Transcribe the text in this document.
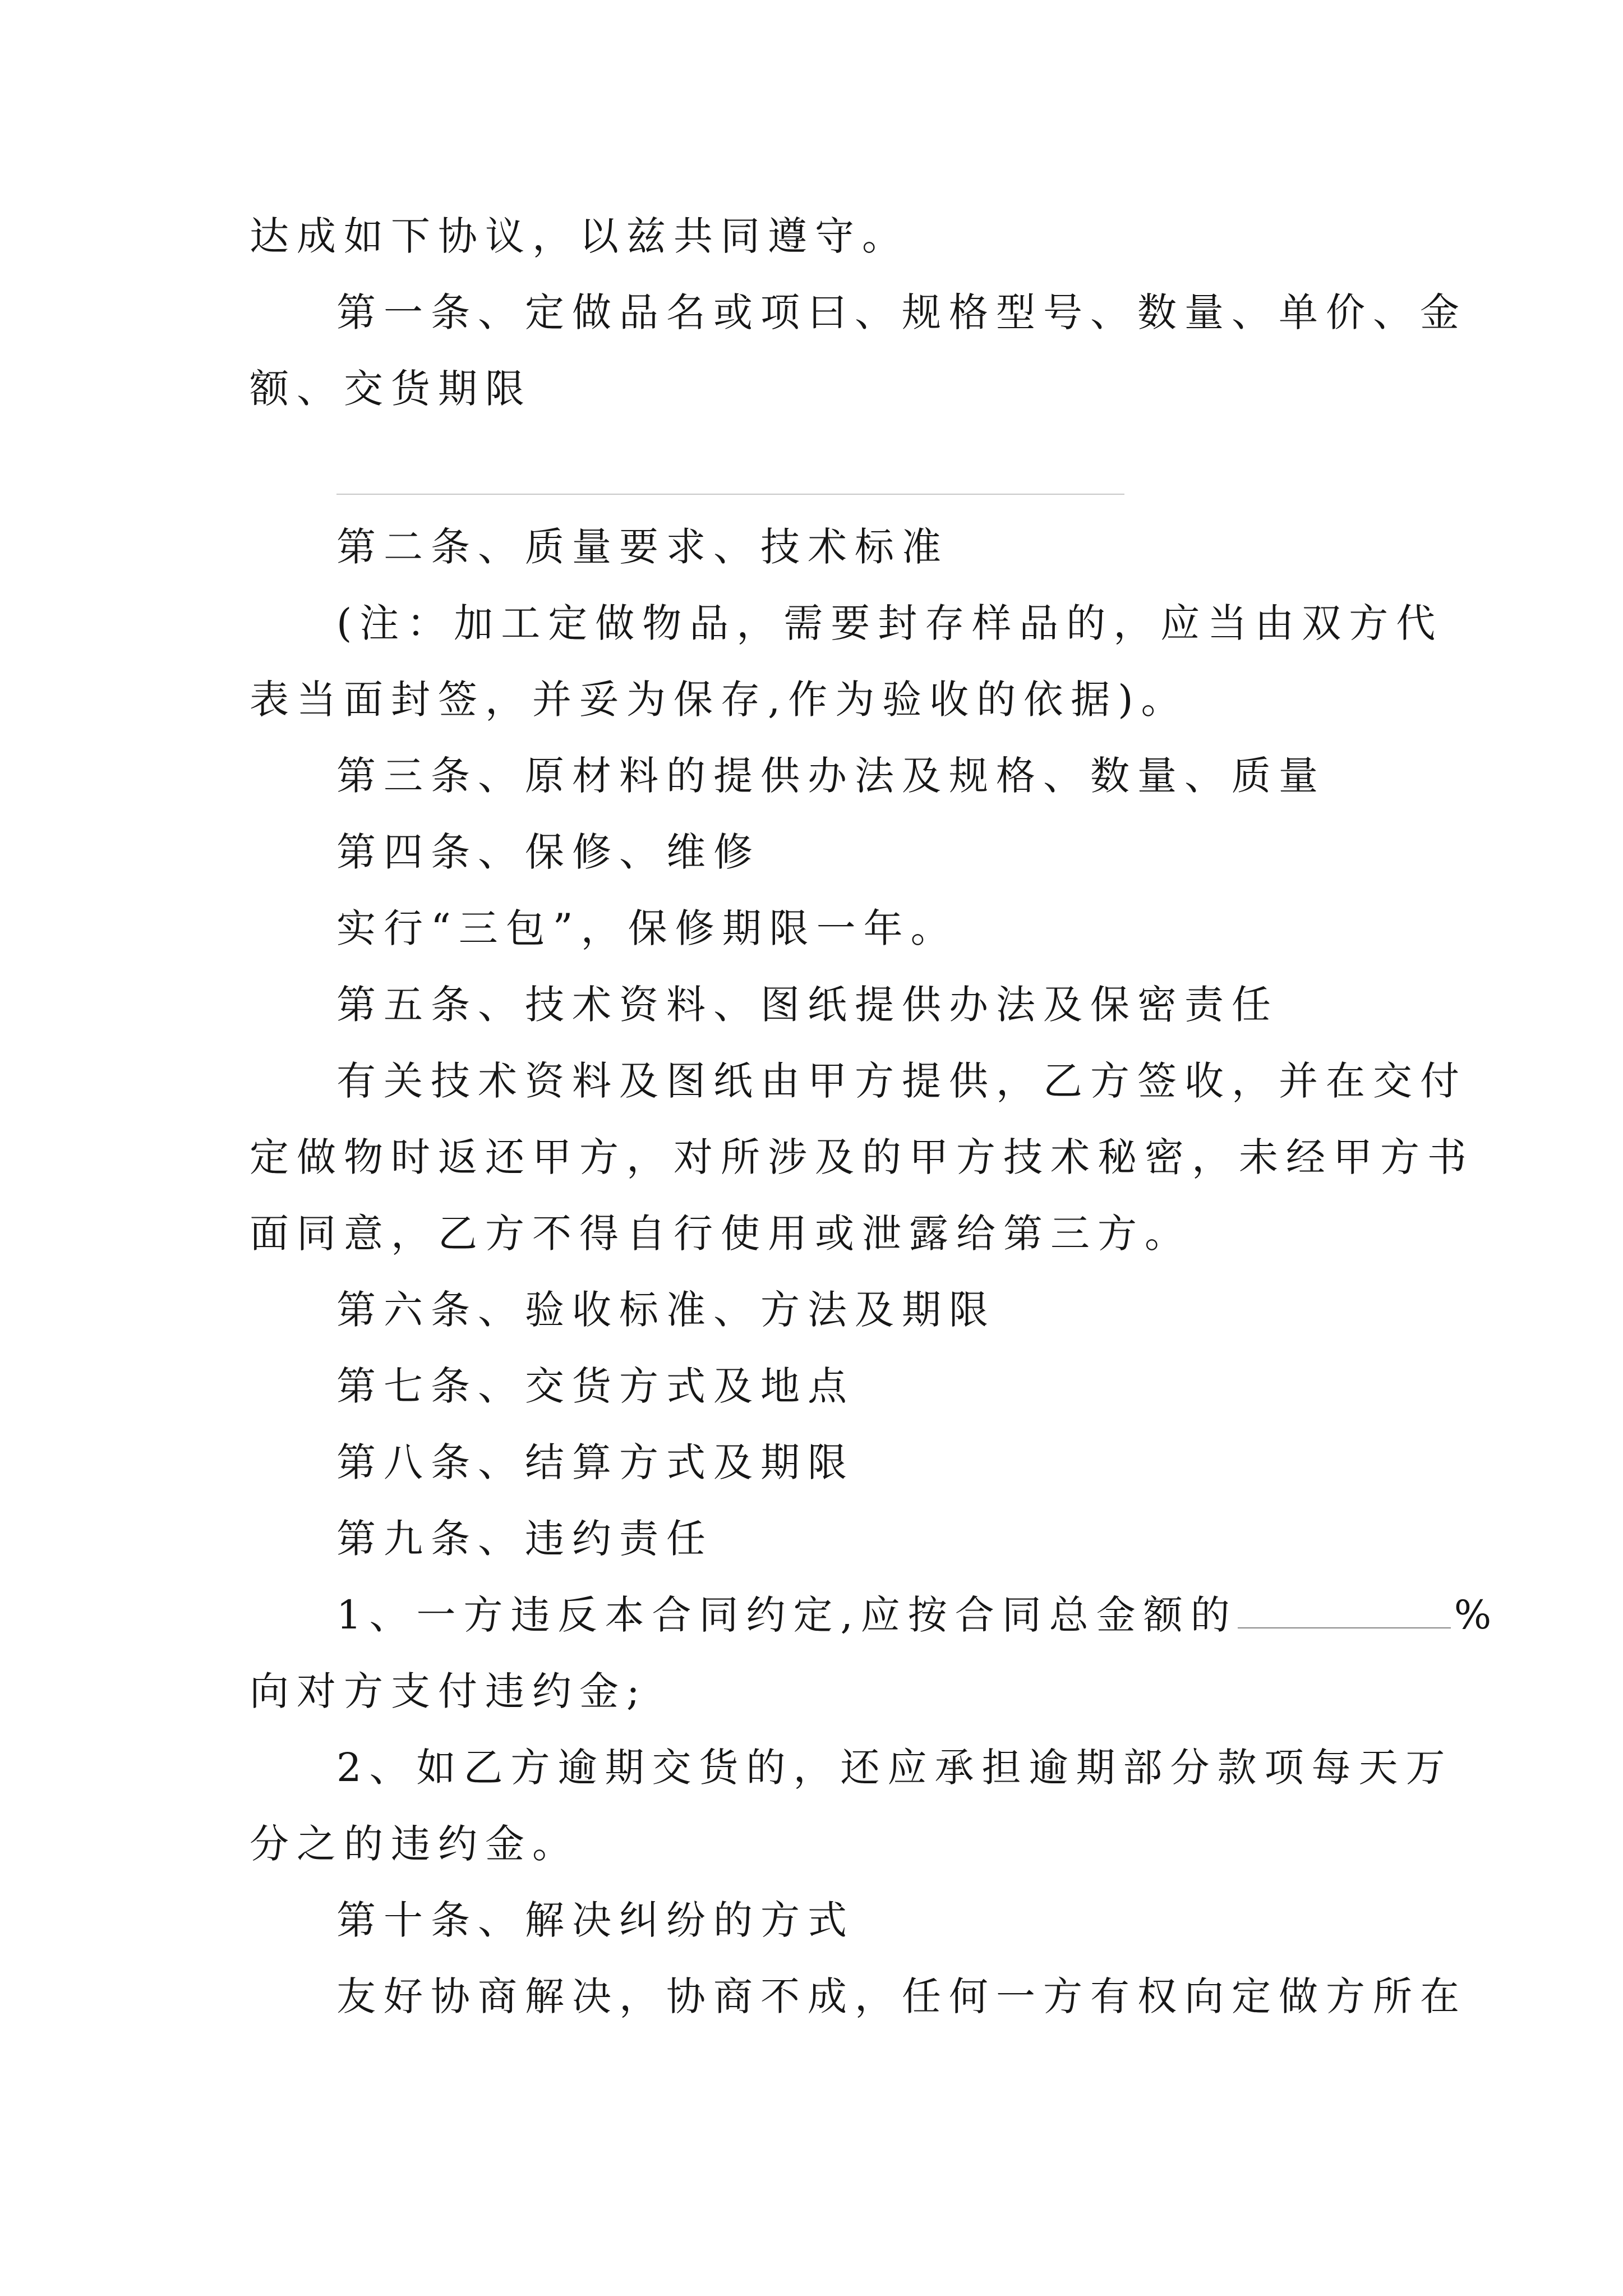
达成如下协议，以兹共同遵守。
第一条、定做品名或项曰、规格型号、数量、单价、金
额、交货期限
第二条、质量要求、技术标准
(注：加工定做物品，需要封存样品的，应当由双方代
表当面封签，并妥为保存,作为验收的依据)。
第三条、原材料的提供办法及规格、数量、质量
第四条、保修、维修
实行“三包”，保修期限一年。
第五条、技术资料、图纸提供办法及保密责任
有关技术资料及图纸由甲方提供，乙方签收，并在交付
定做物时返还甲方，对所涉及的甲方技术秘密，未经甲方书
面同意，乙方不得自行使用或泄露给第三方。
第六条、验收标准、方法及期限
第七条、交货方式及地点
第八条、结算方式及期限
第九条、违约责任
1、一方违反本合同约定,应按合同总金额的	%
向对方支付违约金;
2、如乙方逾期交货的，还应承担逾期部分款项每天万
分之的违约金。
第十条、解决纠纷的方式
友好协商解决，协商不成，任何一方有权向定做方所在
